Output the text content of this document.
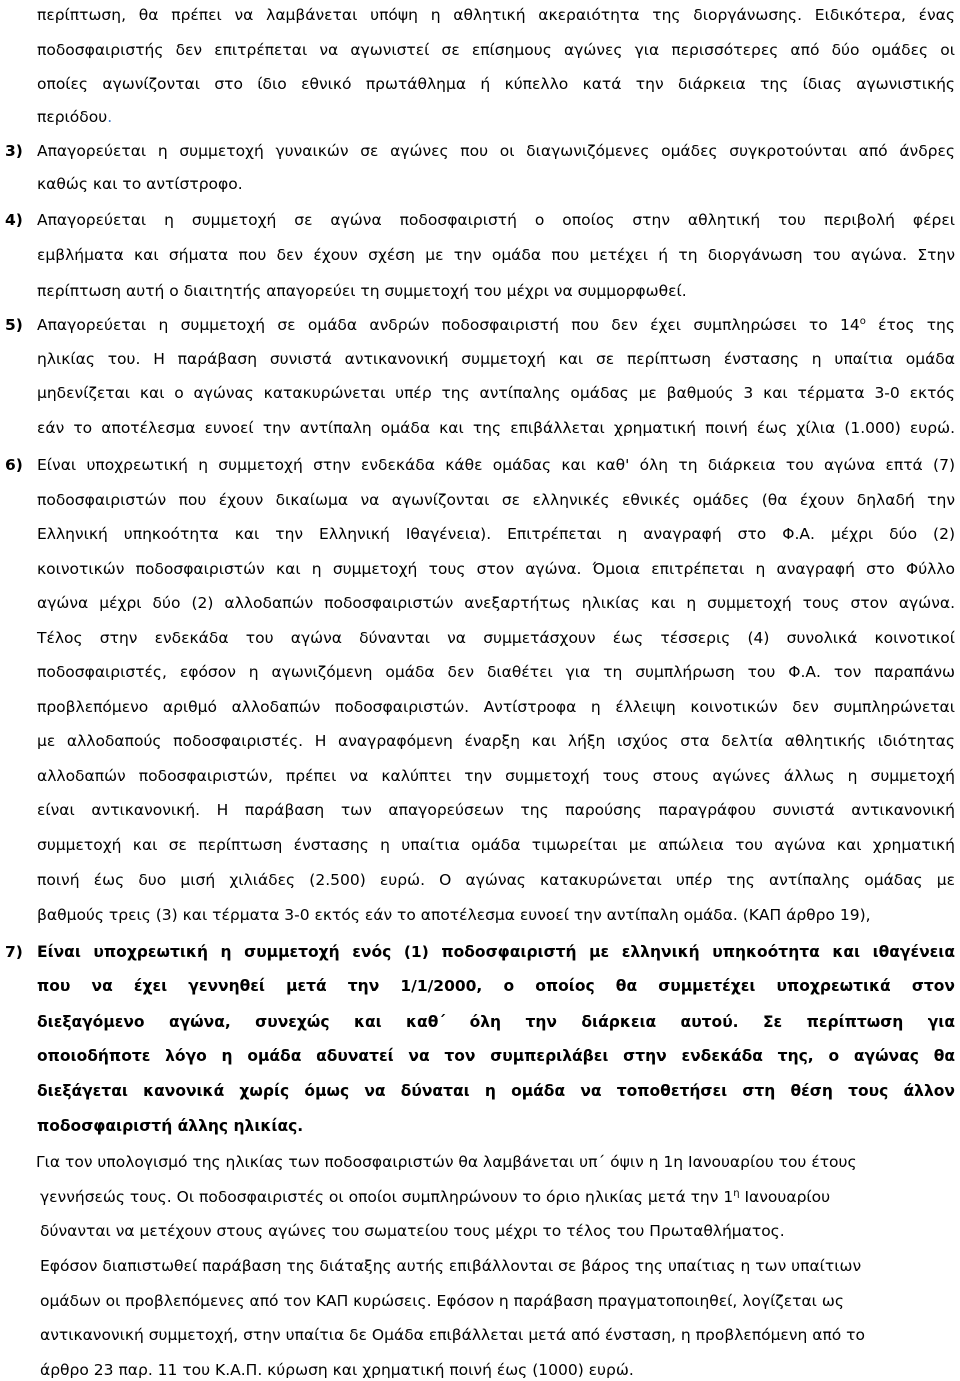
περίπτωση, θα πρέπει να λαμβάνεται υπόψη η αθλητική ακεραιότητα της διοργάνωσης. Ειδικότερα, ένας
ποδοσφαιριστής δεν επιτρέπεται να αγωνιστεί σε επίσημους αγώνες για περισσότερες από δύο ομάδες οι
οποίες αγωνίζονται στο ίδιο εθνικό πρωτάθλημα ή κύπελλο κατά την διάρκεια της ίδιας αγωνιστικής
περιόδου.
3) Απαγορεύεται η συμμετοχή γυναικών σε αγώνες που οι διαγωνιζόμενες ομάδες συγκροτούνται από άνδρες
καθώς και το αντίστροφο.
4) Απαγορεύεται η συμμετοχή σε αγώνα ποδοσφαιριστή ο οποίος στην αθλητική του περιβολή φέρει
εμβλήματα και σήματα που δεν έχουν σχέση με την ομάδα που μετέχει ή τη διοργάνωση του αγώνα. Στην
περίπτωση αυτή ο διαιτητής απαγορεύει τη συμμετοχή του μέχρι να συμμορφωθεί.
5) Απαγορεύεται η συμμετοχή σε ομάδα ανδρών ποδοσφαιριστή που δεν έχει συμπληρώσει το $14^o$ έτος της
ηλικίας του. Η παράβαση συνιστά αντικανονική συμμετοχή και σε περίπτωση ένστασης η υπαίτια ομάδα
μηδενίζεται και ο αγώνας κατακυρώνεται υπέρ της αντίπαλης ομάδας με βαθμούς 3 και τέρματα 3-0 εκτός
εάν το αποτέλεσμα ευνοεί την αντίπαλη ομάδα και της επιβάλλεται χρηματική ποινή έως χίλια (1.000) ευρώ.
6) Είναι υποχρεωτική η συμμετοχή στην ενδεκάδα κάθε ομάδας και καθ' όλη τη διάρκεια του αγώνα επτά (7)
ποδοσφαιριστών που έχουν δικαίωμα να αγωνίζονται σε ελληνικές εθνικές ομάδες (θα έχουν δηλαδή την
Ελληνική υπηκοότητα και την Ελληνική Ιθαγένεια). Επιτρέπεται η αναγραφή στο Φ.Α. μέχρι δύο (2)
κοινοτικών ποδοσφαιριστών και η συμμετοχή τους στον αγώνα. Όμοια επιτρέπεται η αναγραφή στο Φύλλο
αγώνα μέχρι δύο (2) αλλοδαπών ποδοσφαιριστών ανεξαρτήτως ηλικίας και η συμμετοχή τους στον αγώνα.
Τέλος στην ενδεκάδα του αγώνα δύνανται να συμμετάσχουν έως τέσσερις (4) συνολικά κοινοτικοί
ποδοσφαιριστές, εφόσον η αγωνιζόμενη ομάδα δεν διαθέτει για τη συμπλήρωση του Φ.Α. τον παραπάνω
προβλεπόμενο αριθμό αλλοδαπών ποδοσφαιριστών. Αντίστροφα η έλλειψη κοινοτικών δεν συμπληρώνεται
με αλλοδαπούς ποδοσφαιριστές. Η αναγραφόμενη έναρξη και λήξη ισχύος στα δελτία αθλητικής ιδιότητας
αλλοδαπών ποδοσφαιριστών, πρέπει να καλύπτει την συμμετοχή τους στους αγώνες άλλως η συμμετοχή
είναι αντικανονική. Η παράβαση των απαγορεύσεων της παρούσης παραγράφου συνιστά αντικανονική
συμμετοχή και σε περίπτωση ένστασης η υπαίτια ομάδα τιμωρείται με απώλεια του αγώνα και χρηματική
ποινή έως δυο μισή χιλιάδες (2.500) ευρώ. Ο αγώνας κατακυρώνεται υπέρ της αντίπαλης ομάδας με
βαθμούς τρεις (3) και τέρματα 3-0 εκτός εάν το αποτέλεσμα ευνοεί την αντίπαλη ομάδα. (ΚΑΠ άρθρο 19),
7) Είναι υποχρεωτική η συμμετοχή ενός (1) ποδοσφαιριστή με ελληνική υπηκοότητα και ιθαγένεια
που να έχει γεννηθεί μετά την 1/1/2000, ο οποίος θα συμμετέχει υποχρεωτικά στον
διεξαγόμενο αγώνα, συνεχώς και καθ΄ όλη την διάρκεια αυτού. Σε περίπτωση για
οποιοδήποτε λόγο η ομάδα αδυνατεί να τον συμπεριλάβει στην ενδεκάδα της, ο αγώνας θα
διεξάγεται κανονικά χωρίς όμως να δύναται η ομάδα να τοποθετήσει στη θέση τους άλλον
ποδοσφαιριστή άλλης ηλικίας.
Για τον υπολογισμό της ηλικίας των ποδοσφαιριστών θα λαμβάνεται υπ΄ όψιν η 1η Ιανουαρίου του έτους
γεννήσεώς τους. Οι ποδοσφαιριστές οι οποίοι συμπληρώνουν το όριο ηλικίας μετά την $1^\eta$ Ιανουαρίου
δύνανται να μετέχουν στους αγώνες του σωματείου τους μέχρι το τέλος του Πρωταθλήματος.
Εφόσον διαπιστωθεί παράβαση της διάταξης αυτής επιβάλλονται σε βάρος της υπαίτιας η των υπαίτιων
ομάδων οι προβλεπόμενες από τον ΚΑΠ κυρώσεις. Εφόσον η παράβαση πραγματοποιηθεί, λογίζεται ως
αντικανονική συμμετοχή, στην υπαίτια δε Ομάδα επιβάλλεται μετά από ένσταση, η προβλεπόμενη από το
άρθρο 23 παρ. 11 του Κ.Α.Π. κύρωση και χρηματική ποινή έως (1000) ευρώ.
